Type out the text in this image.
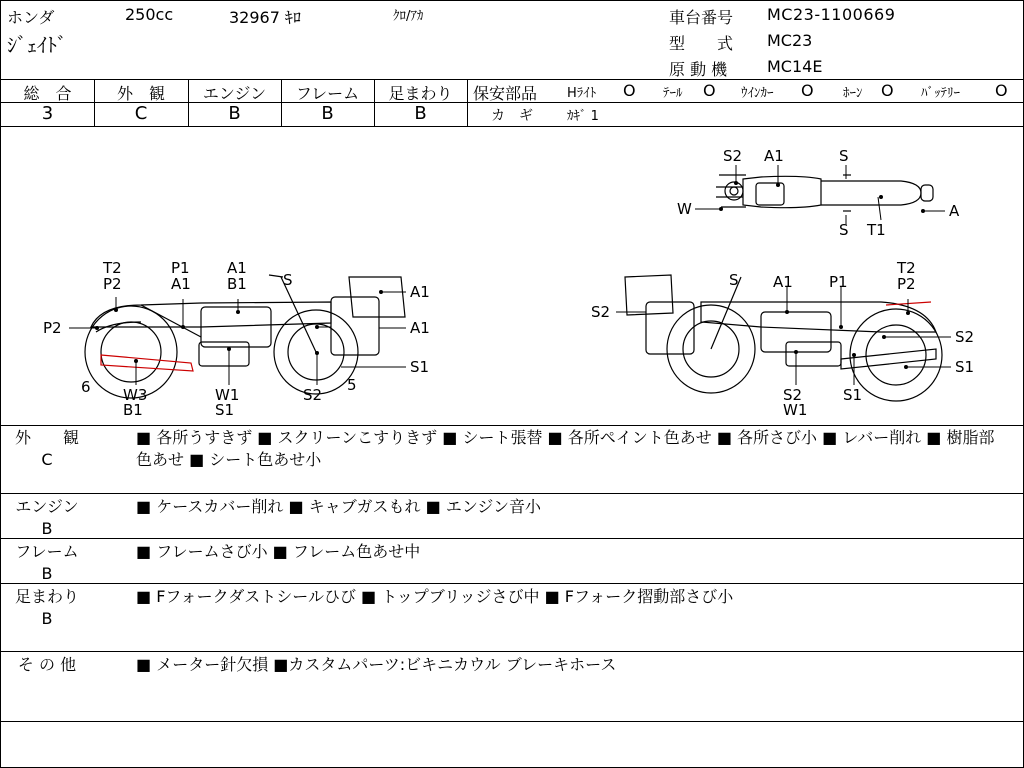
ホンダ	250cc	32967 ｷﾛ	ｸﾛ/ｱｶ
ｼﾞｪｲﾄﾞ
車台番号 MC23-1100669
型　　式 MC23
原 動 機 MC14E
総　合	外　観	エンジン	フレーム	足まわり
3	C	B	B	B
保安部品 Hﾗｲﾄ O ﾃｰﾙ O ｳｲﾝｶｰ O ﾎｰﾝ O ﾊﾞｯﾃﾘｰ O
カ　ギ	ｶｷﾞ 1
S2 A1	S
W
S T1
A
T2
P2
P1
A1
A1
B1 S
A1
A1
P2
6 W3
B1
W1
S1
S2
5
S1
S A1 P1
T2
P2
S2
S2
S1
S2
W1
S1
外　　観
C
■ 各所うすきず ■ スクリーンこすりきず ■ シート張替 ■ 各所ペイント色あせ ■ 各所さび小 ■ レバー削れ ■ 樹脂部色あせ ■ シート色あせ小
エンジン
B
■ ケースカバー削れ ■ キャブガスもれ ■ エンジン音小
フレーム
B
■ フレームさび小 ■ フレーム色あせ中
足まわり
B
■ Fフォークダストシールひび ■ トップブリッジさび中 ■ Fフォーク摺動部さび小
そ の 他	■ メーター針欠損 ■カスタムパーツ:ビキニカウル ブレーキホース
